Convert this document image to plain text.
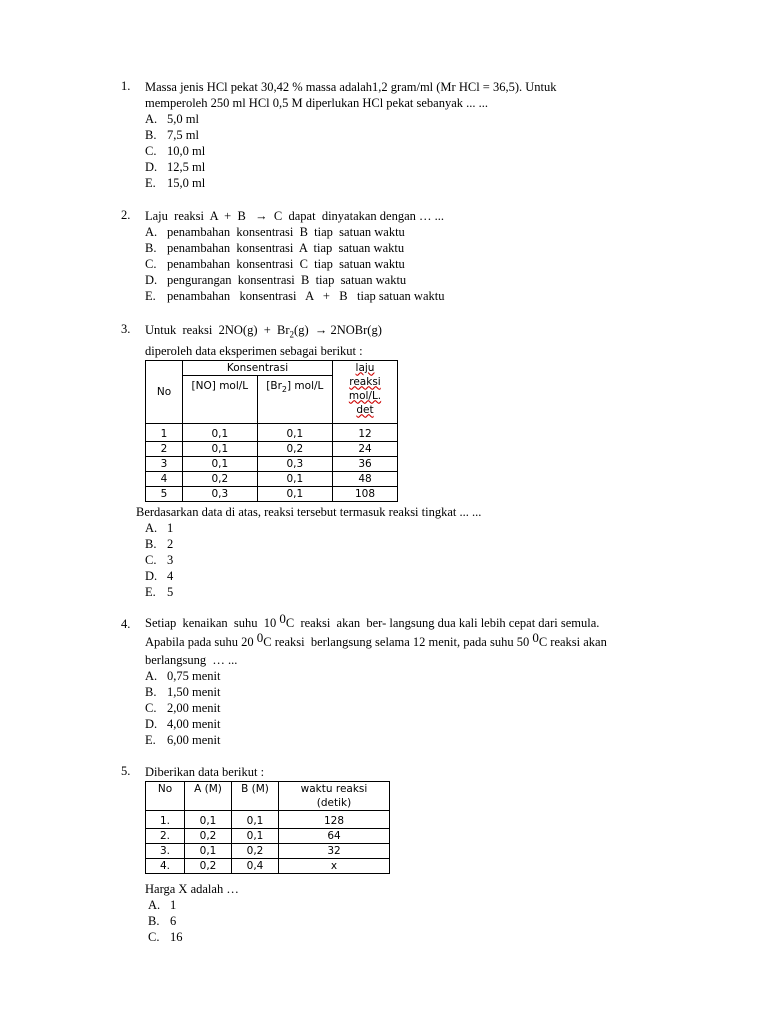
1. Massa jenis HCl pekat 30,42 % massa adalah1,2 gram/ml (Mr HCl = 36,5). Untuk
memperoleh 250 ml HCl 0,5 M diperlukan HCl pekat sebanyak ... ...
A. 5,0 ml
B. 7,5 ml
C. 10,0 ml
D. 12,5 ml
E. 15,0 ml
2. Laju  reaksi  A  +  B   →  C  dapat  dinyatakan dengan … ...
A. penambahan  konsentrasi  B  tiap  satuan waktu
B. penambahan  konsentrasi  A  tiap  satuan waktu
C. penambahan  konsentrasi  C  tiap  satuan waktu
D. pengurangan  konsentrasi  B  tiap  satuan waktu
E. penambahan   konsentrasi   A   +   B   tiap satuan waktu
3. Untuk  reaksi  $2NO(g) + Br_2(g)$  → 2NOBr(g)
diperoleh data eksperimen sebagai berikut :
No	Konsentrasi		laju
reaksi
mol/L.
det

	[NO] mol/L	$[Br_2]$ mol/L	
1	0,1	0,1	12
2	0,1	0,2	24
3	0,1	0,3	36
4	0,2	0,1	48
5	0,3	0,1	108
Berdasarkan data di atas, reaksi tersebut termasuk reaksi tingkat ... ...
A. 1
B. 2
C. 3
D. 4
E. 5
4. Setiap  kenaikan  suhu  10 $^0$C  reaksi  akan  ber- langsung dua kali lebih cepat dari semula.
Apabila pada suhu 20 $^0$C reaksi  berlangsung selama 12 menit, pada suhu 50 $^0$C reaksi akan
berlangsung  … ...
A. 0,75 menit
B. 1,50 menit
C. 2,00 menit
D. 4,00 menit
E. 6,00 menit
5. Diberikan data berikut :
No	A (M)	B (M)	waktu reaksi
(detik)

1.	0,1	0,1	128
2.	0,2	0,1	64
3.	0,1	0,2	32
4.	0,2	0,4	x
Harga X adalah …
A. 1
B. 6
C. 16
